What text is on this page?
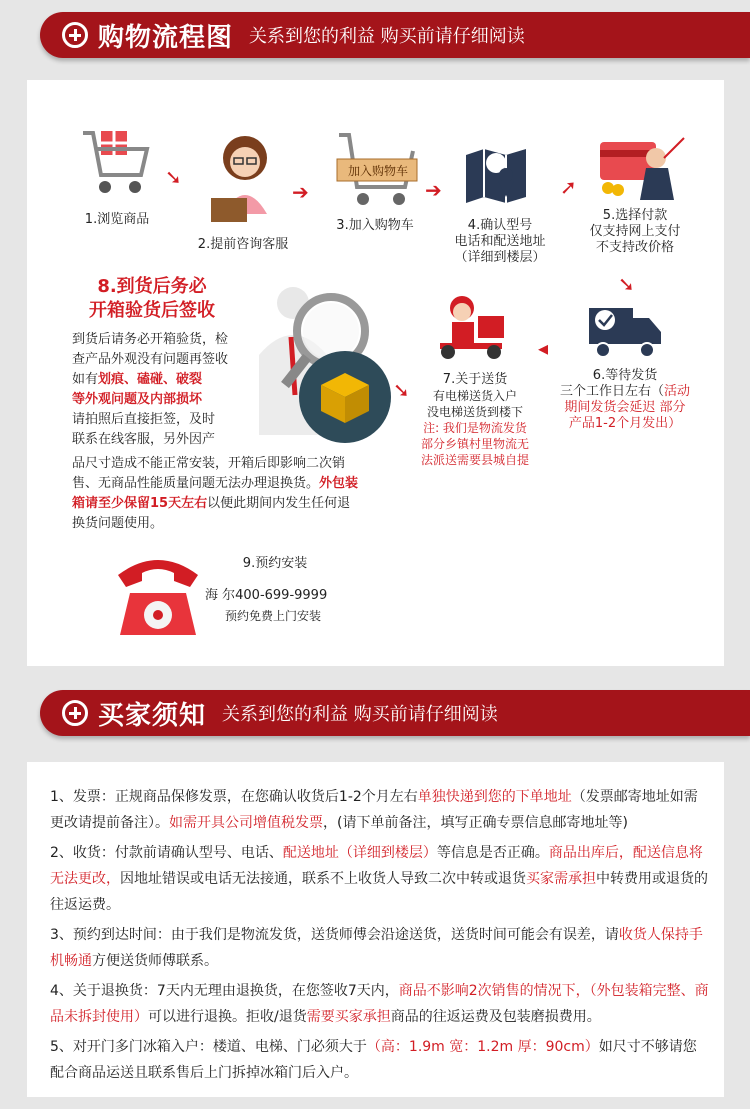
购物流程图 关系到您的利益 购买前请仔细阅读
1.浏览商品
➘
2.提前咨询客服
➔
加入购物车
3.加入购物车
➔
4.确认型号
电话和配送地址
（详细到楼层）
➚
5.选择付款
仅支持网上支付
不支持改价格
➘
6.等待发货
三个工作日左右（活动
期间发货会延迟 部分
产品1-2个月发出）
◂
7.关于送货
有电梯送货入户
没电梯送货到楼下
注: 我们是物流发货
部分乡镇村里物流无
法派送需要县城自提
➘
8.到货后务必
开箱验货后签收
到货后请务必开箱验货，检
查产品外观没有问题再签收
如有划痕、磕碰、破裂
等外观问题及内部损坏
请拍照后直接拒签，及时
联系在线客服，另外因产
品尺寸造成不能正常安装，开箱后即影响二次销
售、无商品性能质量问题无法办理退换货。外包装
箱请至少保留15天左右以便此期间内发生任何退
换货问题使用。
9.预约安装
海 尔400-699-9999
预约免费上门安装
买家须知 关系到您的利益 购买前请仔细阅读

1、发票：正规商品保修发票，在您确认收货后1-2个月左右单独快递到您的下单地址（发票邮寄地址如需更改请提前备注）。如需开具公司增值税发票，(请下单前备注，填写正确专票信息邮寄地址等)

2、收货：付款前请确认型号、电话、配送地址（详细到楼层）等信息是否正确。商品出库后，配送信息将无法更改，因地址错误或电话无法接通，联系不上收货人导致二次中转或退货买家需承担中转费用或退货的往返运费。

3、预约到达时间：由于我们是物流发货，送货师傅会沿途送货，送货时间可能会有误差，请收货人保持手机畅通方便送货师傅联系。

4、关于退换货：7天内无理由退换货，在您签收7天内，商品不影响2次销售的情况下，（外包装箱完整、商品未拆封使用）可以进行退换。拒收/退货需要买家承担商品的往返运费及包装磨损费用。

5、对开门多门冰箱入户：楼道、电梯、门必须大于（高：1.9m 宽：1.2m 厚：90cm）如尺寸不够请您配合商品运送且联系售后上门拆掉冰箱门后入户。
